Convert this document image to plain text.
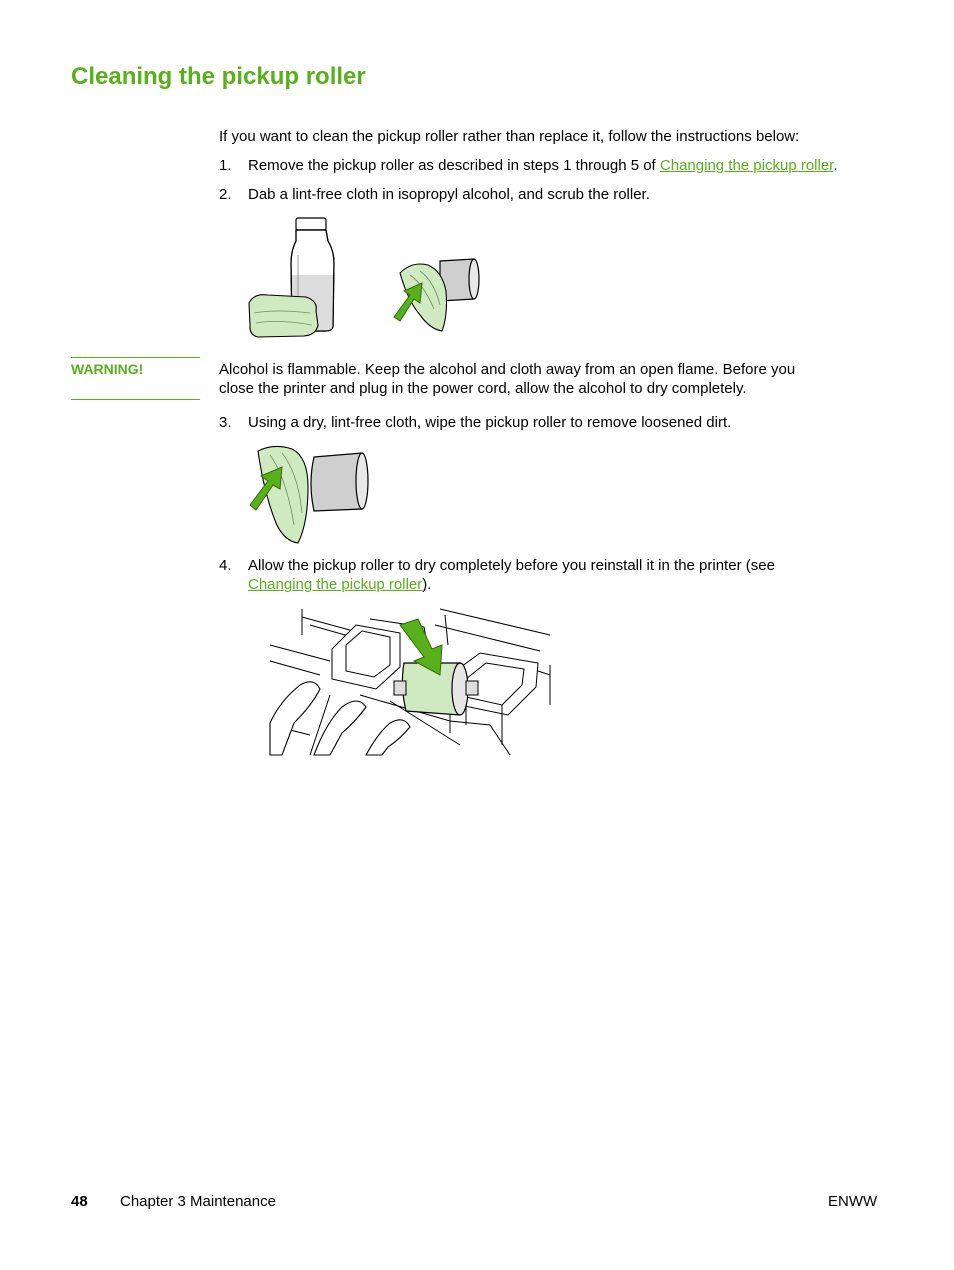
Cleaning the pickup roller
If you want to clean the pickup roller rather than replace it, follow the instructions below:
1. Remove the pickup roller as described in steps 1 through 5 of Changing the pickup roller.
2. Dab a lint-free cloth in isopropyl alcohol, and scrub the roller.
WARNING!	Alcohol is flammable. Keep the alcohol and cloth away from an open flame. Before you
close the printer and plug in the power cord, allow the alcohol to dry completely.
3. Using a dry, lint-free cloth, wipe the pickup roller to remove loosened dirt.
4. Allow the pickup roller to dry completely before you reinstall it in the printer (see
Changing the pickup roller).
48 Chapter 3 Maintenance	ENWW
